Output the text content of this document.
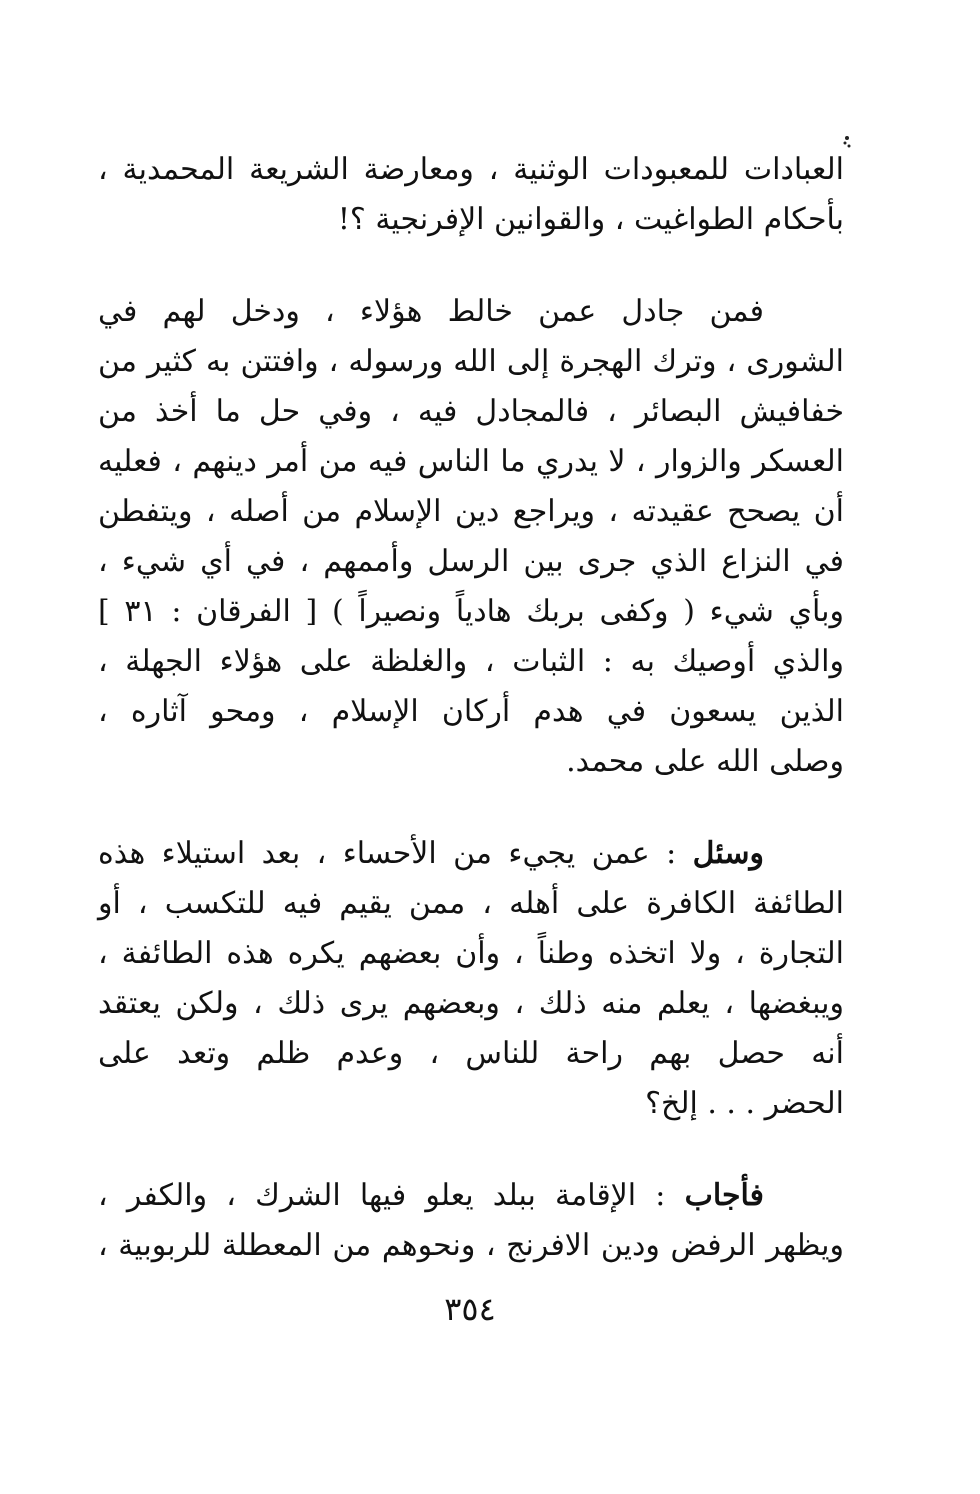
العبادات للمعبودات الوثنية ، ومعارضة الشريعة المحمدية ،
بأحكام الطواغيت ، والقوانين الإفرنجية ؟!

فمن جادل عمن خالط هؤلاء ، ودخل لهم في
الشورى ، وترك الهجرة إلى الله ورسوله ، وافتتن به كثير من
خفافيش البصائر ، فالمجادل فيه ، وفي حل ما أخذ من
العسكر والزوار ، لا يدري ما الناس فيه من أمر دينهم ، فعليه
أن يصحح عقيدته ، ويراجع دين الإسلام من أصله ، ويتفطن
في النزاع الذي جرى بين الرسل وأممهم ، في أي شيء ،
وبأي شيء ( وكفى بربك هادياً ونصيراً ) [ الفرقان : ٣١ ]
والذي أوصيك به : الثبات ، والغلظة على هؤلاء الجهلة ،
الذين يسعون في هدم أركان الإسلام ، ومحو آثاره ،
وصلى الله على محمد.

وسئل : عمن يجيء من الأحساء ، بعد استيلاء هذه
الطائفة الكافرة على أهله ، ممن يقيم فيه للتكسب ، أو
التجارة ، ولا اتخذه وطناً ، وأن بعضهم يكره هذه الطائفة ،
ويبغضها ، يعلم منه ذلك ، وبعضهم يرى ذلك ، ولكن يعتقد
أنه حصل بهم راحة للناس ، وعدم ظلم وتعد على
الحضر . . . إلخ؟

فأجاب : الإقامة ببلد يعلو فيها الشرك ، والكفر ،
ويظهر الرفض ودين الافرنج ، ونحوهم من المعطلة للربوبية ،

٣٥٤
